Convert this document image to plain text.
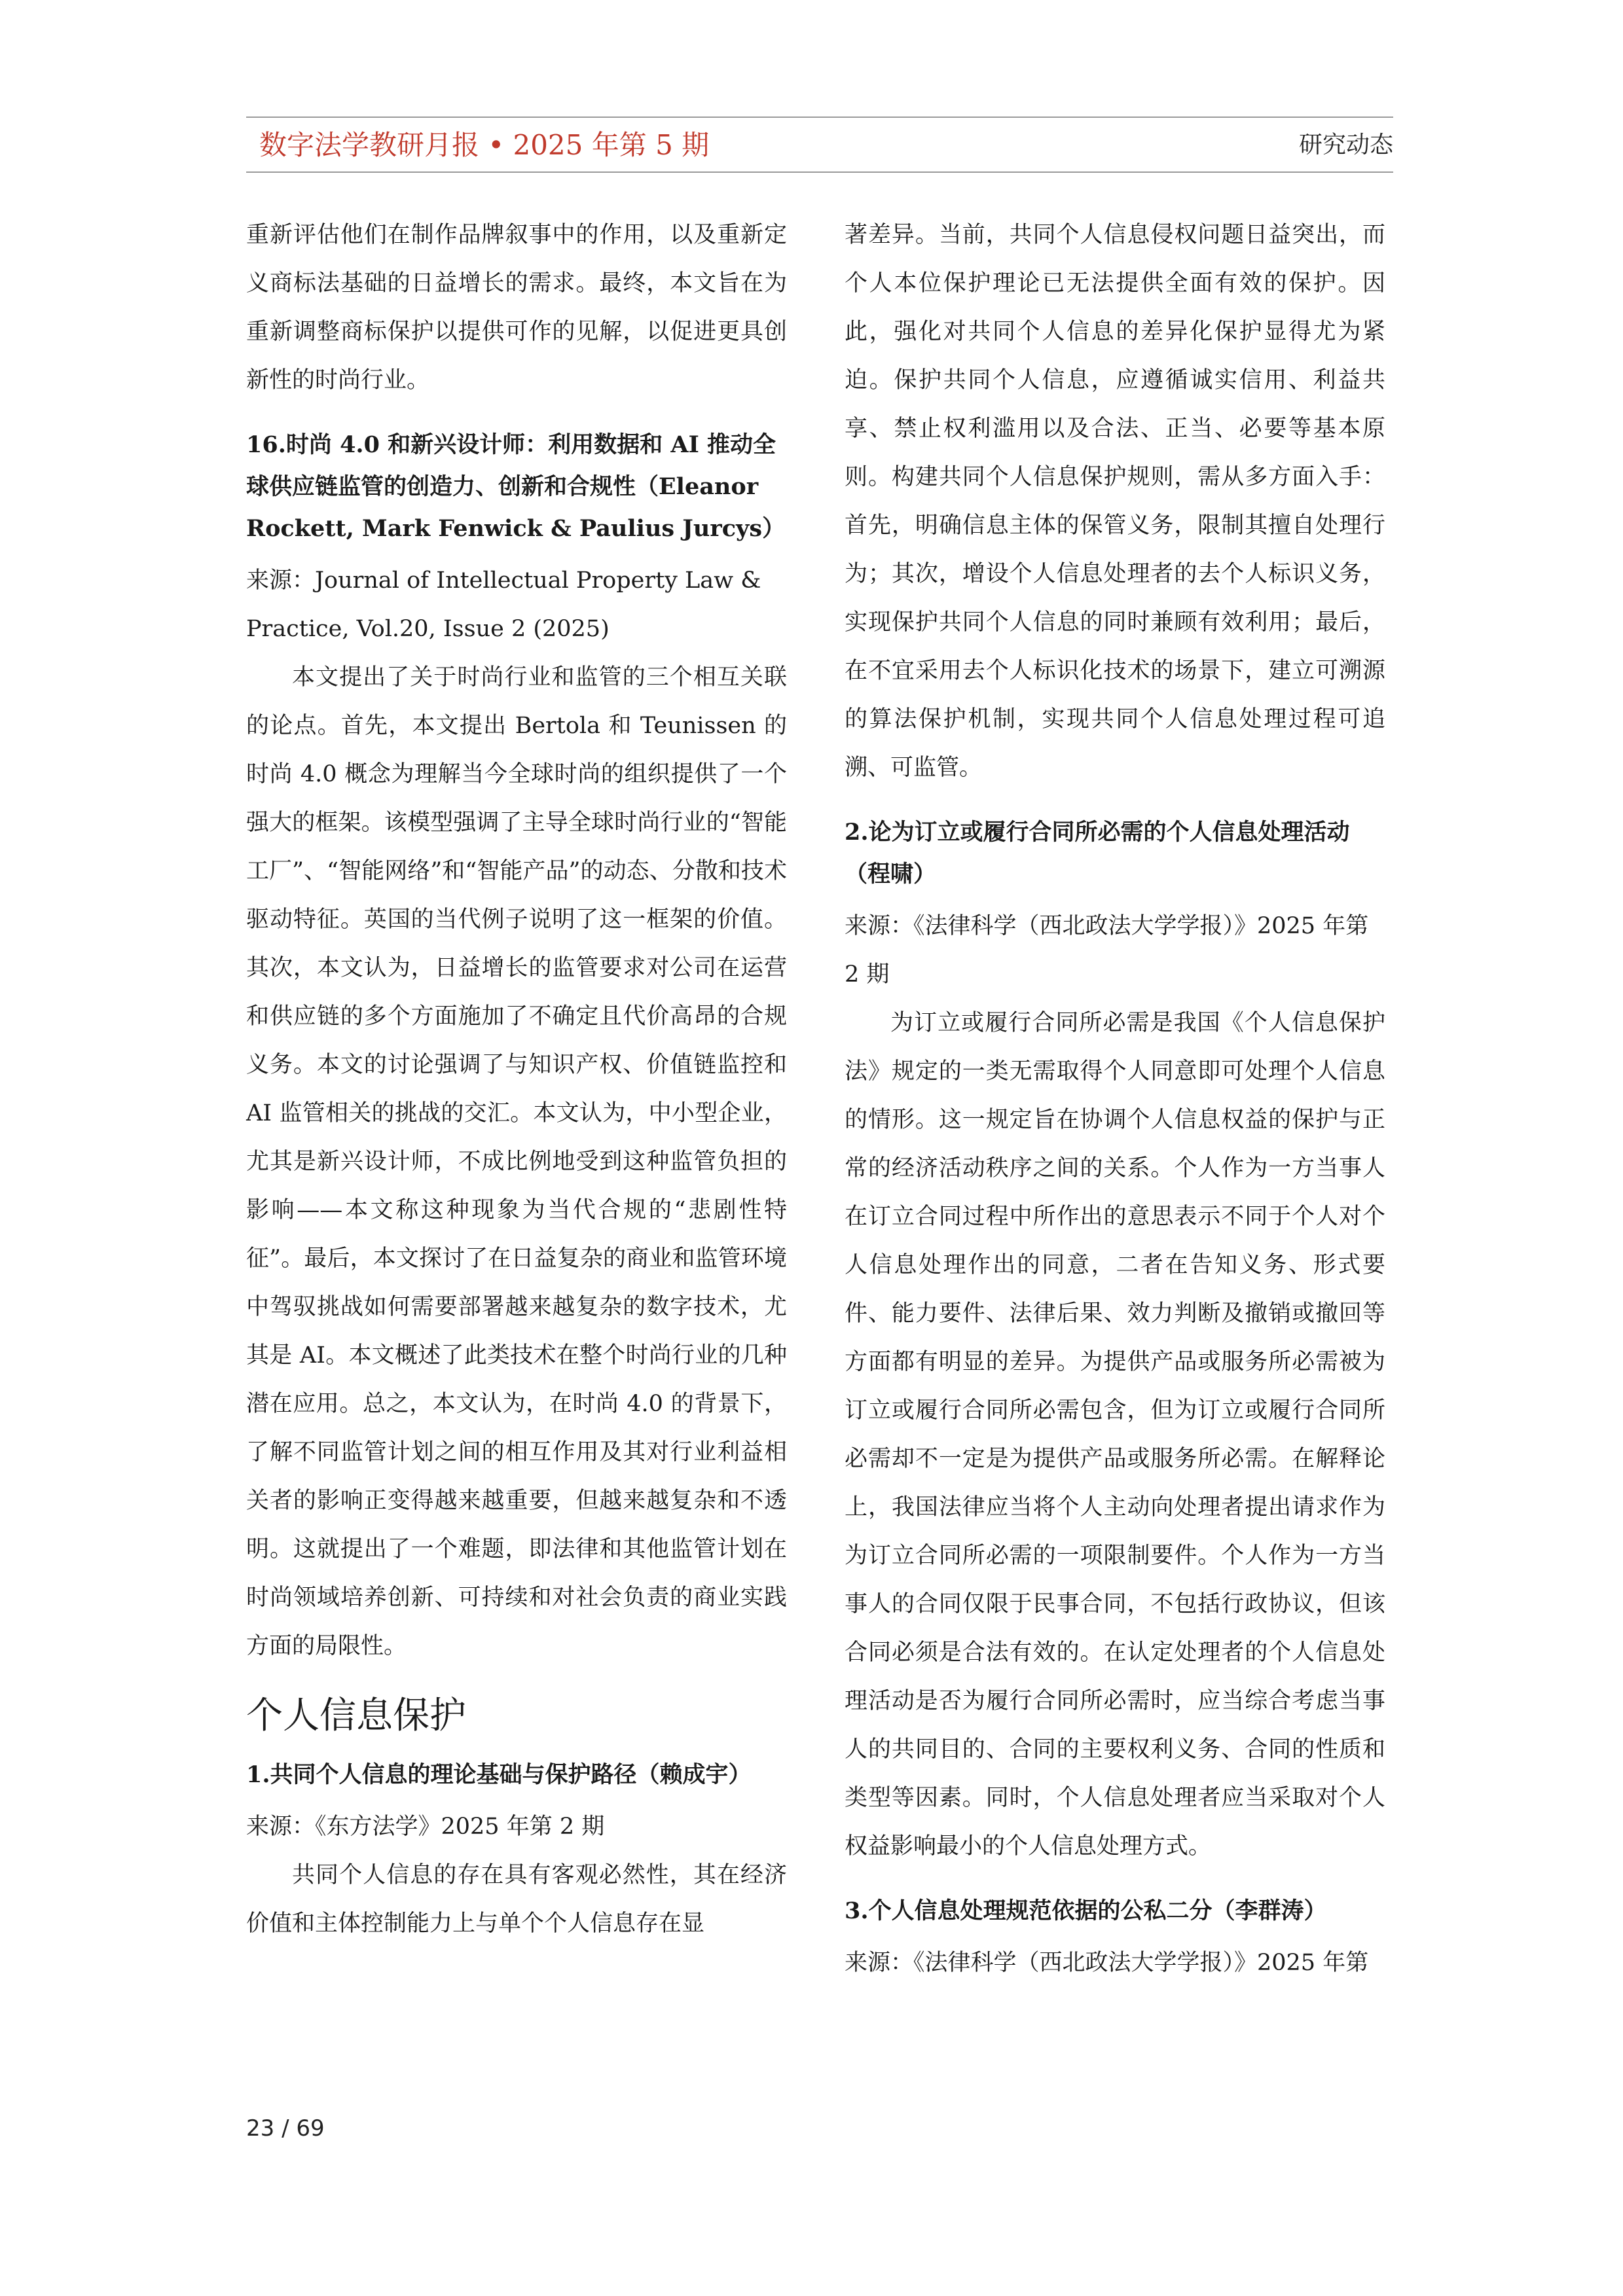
数字法学教研月报 • 2025 年第 5 期	研究动态

重新评估他们在制作品牌叙事中的作用，以及重新定义商标法基础的日益增长的需求。最终，本文旨在为重新调整商标保护以提供可作的见解，以促进更具创新性的时尚行业。

16.时尚 4.0 和新兴设计师：利用数据和 AI 推动全球供应链监管的创造力、创新和合规性（Eleanor Rockett, Mark Fenwick & Paulius Jurcys）
来源：Journal of Intellectual Property Law & Practice, Vol.20, Issue 2 (2025)

本文提出了关于时尚行业和监管的三个相互关联的论点。首先，本文提出 Bertola 和 Teunissen 的时尚 4.0 概念为理解当今全球时尚的组织提供了一个强大的框架。该模型强调了主导全球时尚行业的“智能工厂”、“智能网络”和“智能产品”的动态、分散和技术驱动特征。英国的当代例子说明了这一框架的价值。其次，本文认为，日益增长的监管要求对公司在运营和供应链的多个方面施加了不确定且代价高昂的合规义务。本文的讨论强调了与知识产权、价值链监控和 AI 监管相关的挑战的交汇。本文认为，中小型企业，尤其是新兴设计师，不成比例地受到这种监管负担的影响——本文称这种现象为当代合规的“悲剧性特征”。最后，本文探讨了在日益复杂的商业和监管环境中驾驭挑战如何需要部署越来越复杂的数字技术，尤其是 AI。本文概述了此类技术在整个时尚行业的几种潜在应用。总之，本文认为，在时尚 4.0 的背景下，了解不同监管计划之间的相互作用及其对行业利益相关者的影响正变得越来越重要，但越来越复杂和不透明。这就提出了一个难题，即法律和其他监管计划在时尚领域培养创新、可持续和对社会负责的商业实践方面的局限性。

个人信息保护
1.共同个人信息的理论基础与保护路径（赖成宇）
来源：《东方法学》2025 年第 2 期

共同个人信息的存在具有客观必然性，其在经济价值和主体控制能力上与单个个人信息存在显

著差异。当前，共同个人信息侵权问题日益突出，而个人本位保护理论已无法提供全面有效的保护。因此，强化对共同个人信息的差异化保护显得尤为紧迫。保护共同个人信息，应遵循诚实信用、利益共享、禁止权利滥用以及合法、正当、必要等基本原则。构建共同个人信息保护规则，需从多方面入手：首先，明确信息主体的保管义务，限制其擅自处理行为；其次，增设个人信息处理者的去个人标识义务，实现保护共同个人信息的同时兼顾有效利用；最后，在不宜采用去个人标识化技术的场景下，建立可溯源的算法保护机制，实现共同个人信息处理过程可追溯、可监管。

2.论为订立或履行合同所必需的个人信息处理活动（程啸）
来源：《法律科学（西北政法大学学报）》2025 年第 2 期

为订立或履行合同所必需是我国《个人信息保护法》规定的一类无需取得个人同意即可处理个人信息的情形。这一规定旨在协调个人信息权益的保护与正常的经济活动秩序之间的关系。个人作为一方当事人在订立合同过程中所作出的意思表示不同于个人对个人信息处理作出的同意，二者在告知义务、形式要件、能力要件、法律后果、效力判断及撤销或撤回等方面都有明显的差异。为提供产品或服务所必需被为订立或履行合同所必需包含，但为订立或履行合同所必需却不一定是为提供产品或服务所必需。在解释论上，我国法律应当将个人主动向处理者提出请求作为为订立合同所必需的一项限制要件。个人作为一方当事人的合同仅限于民事合同，不包括行政协议，但该合同必须是合法有效的。在认定处理者的个人信息处理活动是否为履行合同所必需时，应当综合考虑当事人的共同目的、合同的主要权利义务、合同的性质和类型等因素。同时，个人信息处理者应当采取对个人权益影响最小的个人信息处理方式。

3.个人信息处理规范依据的公私二分（李群涛）
来源：《法律科学（西北政法大学学报）》2025 年第
23 / 69
